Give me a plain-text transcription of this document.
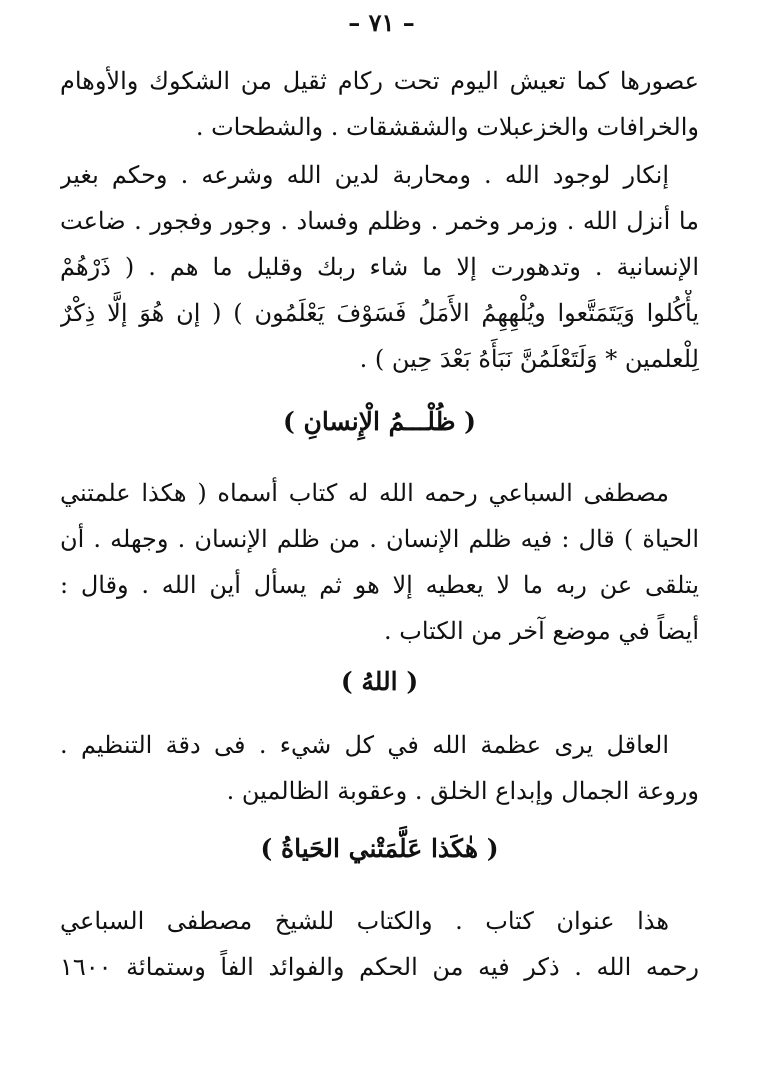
– ٧١ –
عصورها كما تعيش اليوم تحت ركام ثقيل من الشكوك والأوهام
والخرافات والخزعبلات والشقشقات . والشطحات .
إنكار لوجود الله . ومحاربة لدين الله وشرعه . وحكم بغير
ما أنزل الله . وزمر وخمر . وظلم وفساد . وجور وفجور . ضاعت
الإنسانية . وتدهورت إلا ما شاء ربك وقليل ما هم . ( ذَرْهُمْ
يأْكُلوا وَيَتَمَتَّعوا ويُلْهِهِمُ الأَمَلُ فَسَوْفَ يَعْلَمُون ) ( إن هُوَ إلَّا ذِكْرٌ
لِلْعلمين * وَلَتَعْلَمُنَّ نَبَأَهُ بَعْدَ حِين ) .
( ظُلْـــمُ الْإِنسانِ )
مصطفى السباعي رحمه الله له كتاب أسماه ( هكذا علمتني
الحياة ) قال : فيه ظلم الإنسان . من ظلم الإنسان . وجهله . أن
يتلقى عن ربه ما لا يعطيه إلا هو ثم يسأل أين الله . وقال :
أيضاً في موضع آخر من الكتاب .
( اللهُ )
العاقل يرى عظمة الله في كل شيء . فى دقة التنظيم .
وروعة الجمال وإبداع الخلق . وعقوبة الظالمين .
( هٰكَذا عَلَّمَتْني الحَياةُ )
هذا عنوان كتاب . والكتاب للشيخ مصطفى السباعي
رحمه الله . ذكر فيه من الحكم والفوائد الفاً وستمائة ١٦٠٠
